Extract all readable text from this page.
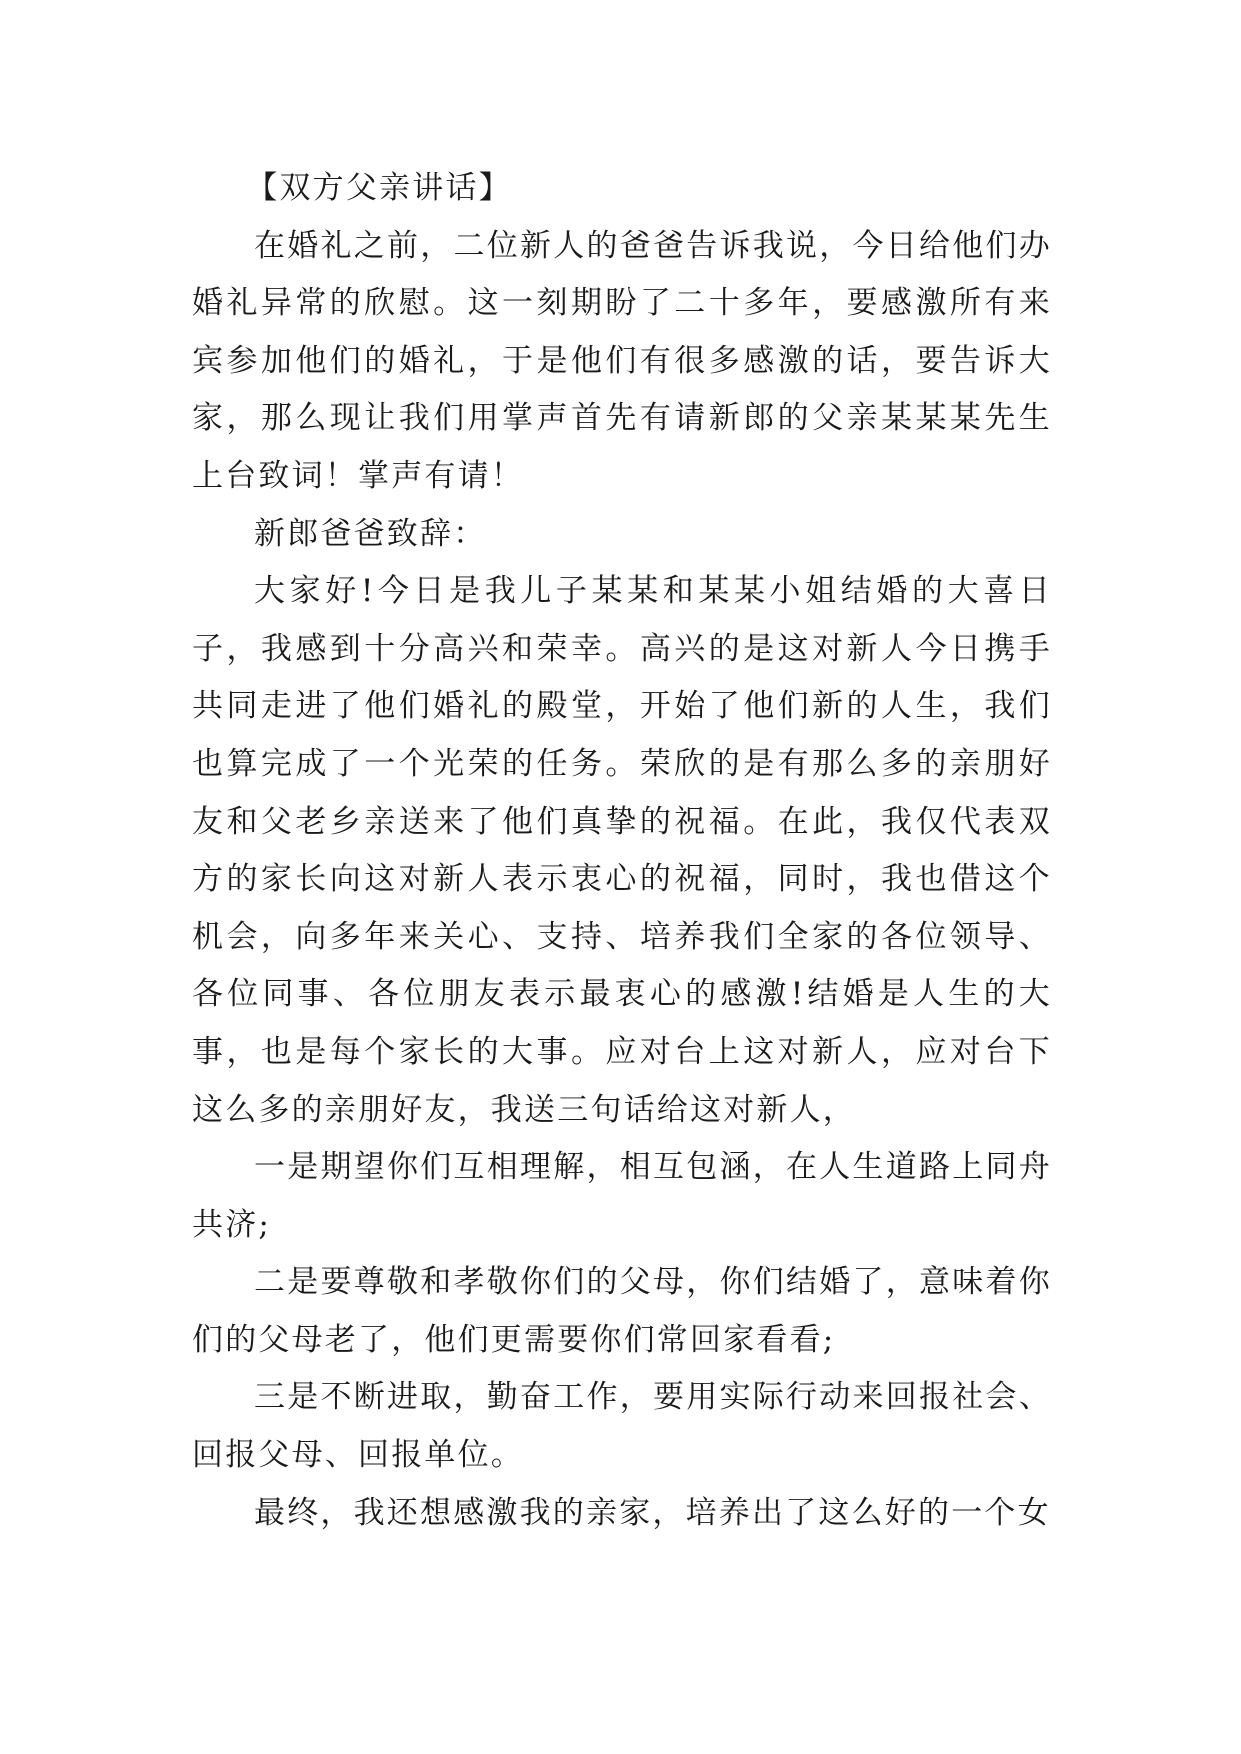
【双方父亲讲话】

在婚礼之前，二位新人的爸爸告诉我说，今日给他们办婚礼异常的欣慰。这一刻期盼了二十多年，要感激所有来宾参加他们的婚礼，于是他们有很多感激的话，要告诉大家，那么现让我们用掌声首先有请新郎的父亲某某某先生上台致词！掌声有请！

新郎爸爸致辞：

大家好!今日是我儿子某某和某某小姐结婚的大喜日子，我感到十分高兴和荣幸。高兴的是这对新人今日携手共同走进了他们婚礼的殿堂，开始了他们新的人生，我们也算完成了一个光荣的任务。荣欣的是有那么多的亲朋好友和父老乡亲送来了他们真挚的祝福。在此，我仅代表双方的家长向这对新人表示衷心的祝福，同时，我也借这个机会，向多年来关心、支持、培养我们全家的各位领导、各位同事、各位朋友表示最衷心的感激!结婚是人生的大事，也是每个家长的大事。应对台上这对新人，应对台下这么多的亲朋好友，我送三句话给这对新人，

一是期望你们互相理解，相互包涵，在人生道路上同舟共济;

二是要尊敬和孝敬你们的父母，你们结婚了，意味着你们的父母老了，他们更需要你们常回家看看;

三是不断进取，勤奋工作，要用实际行动来回报社会、回报父母、回报单位。

最终，我还想感激我的亲家，培养出了这么好的一个女
